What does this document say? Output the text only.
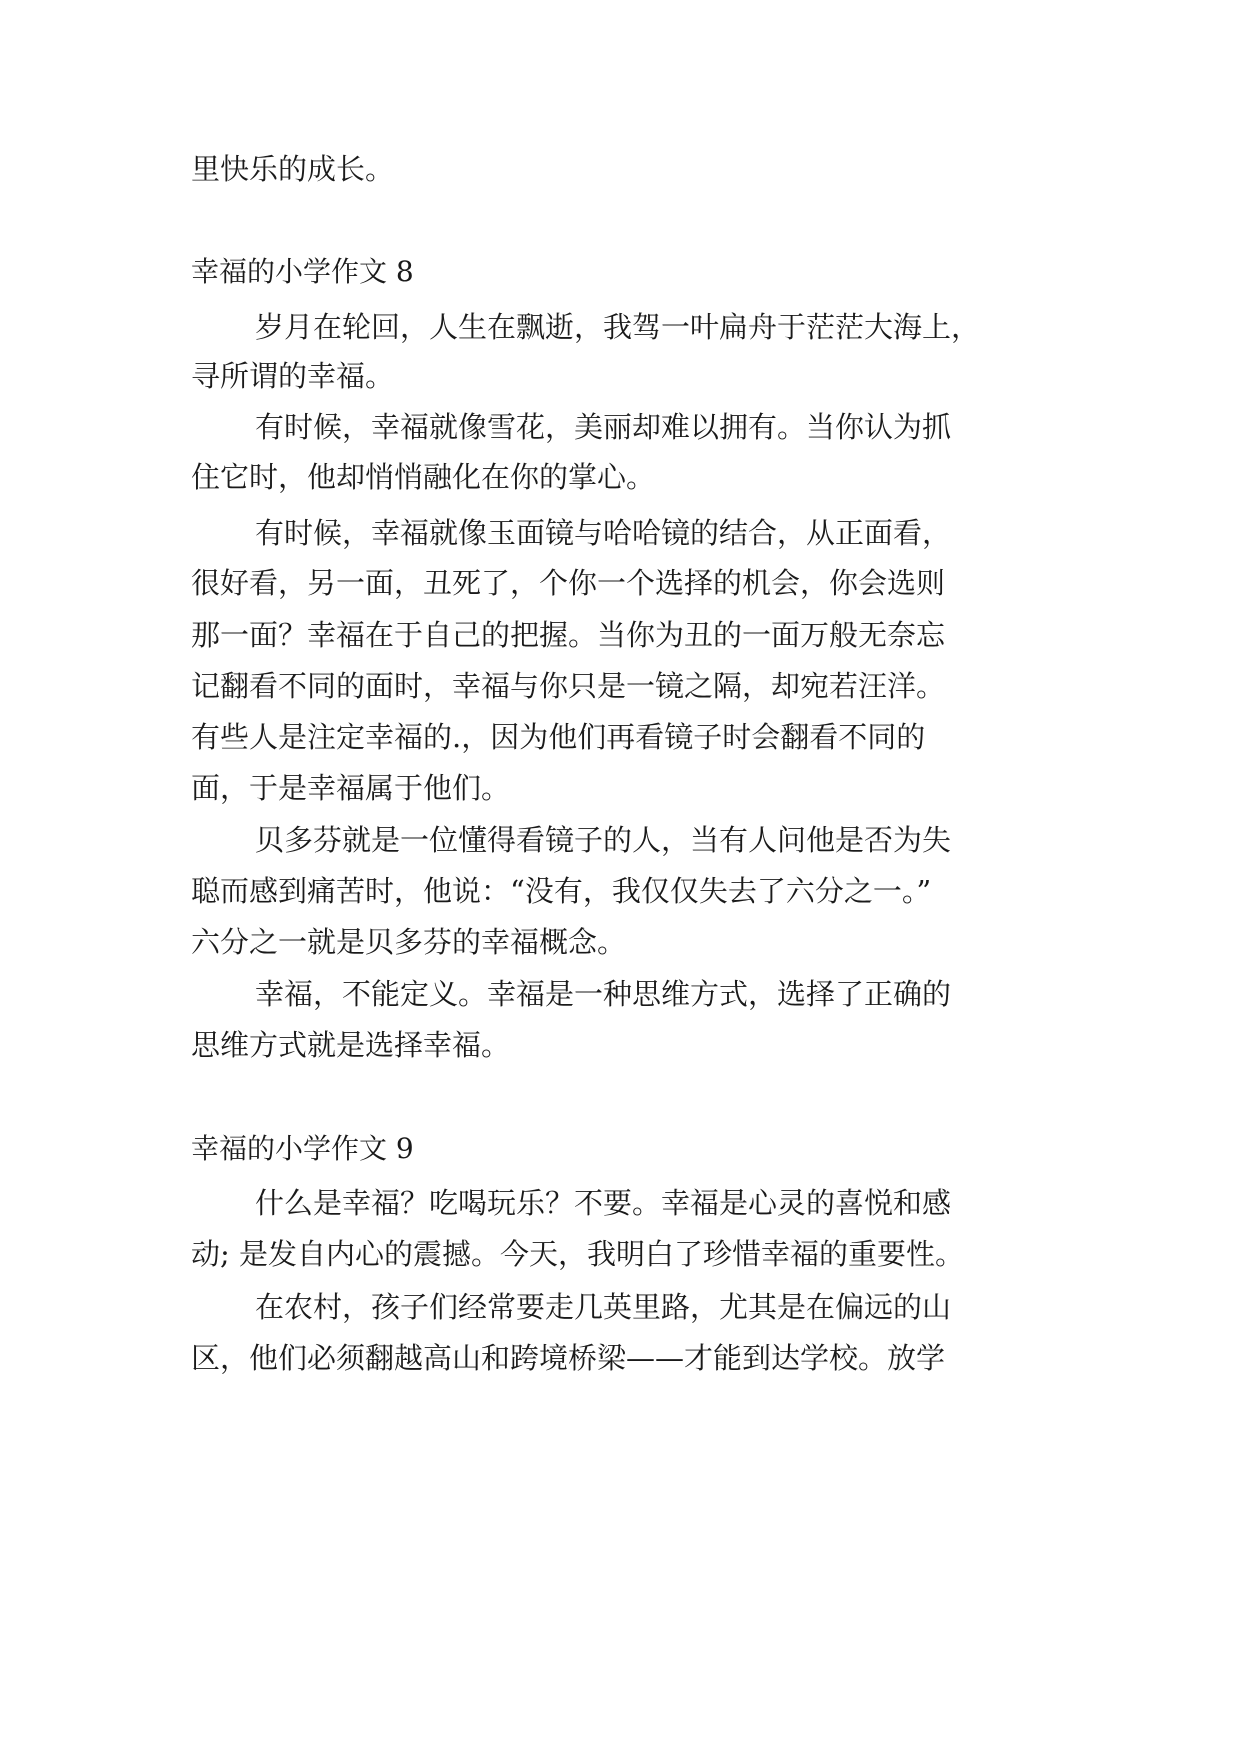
里快乐的成长。
幸福的小学作文 8
岁月在轮回，人生在飘逝，我驾一叶扁舟于茫茫大海上，
寻所谓的幸福。
有时候，幸福就像雪花，美丽却难以拥有。当你认为抓
住它时，他却悄悄融化在你的掌心。
有时候，幸福就像玉面镜与哈哈镜的结合，从正面看，
很好看，另一面，丑死了，个你一个选择的机会，你会选则
那一面？幸福在于自己的把握。当你为丑的一面万般无奈忘
记翻看不同的面时，幸福与你只是一镜之隔，却宛若汪洋。
有些人是注定幸福的.，因为他们再看镜子时会翻看不同的
面，于是幸福属于他们。
贝多芬就是一位懂得看镜子的人，当有人问他是否为失
聪而感到痛苦时，他说：“没有，我仅仅失去了六分之一。”
六分之一就是贝多芬的幸福概念。
幸福，不能定义。幸福是一种思维方式，选择了正确的
思维方式就是选择幸福。
幸福的小学作文 9
什么是幸福？吃喝玩乐？不要。幸福是心灵的喜悦和感
动; 是发自内心的震撼。今天，我明白了珍惜幸福的重要性。
在农村，孩子们经常要走几英里路，尤其是在偏远的山
区，他们必须翻越高山和跨境桥梁——才能到达学校。放学
